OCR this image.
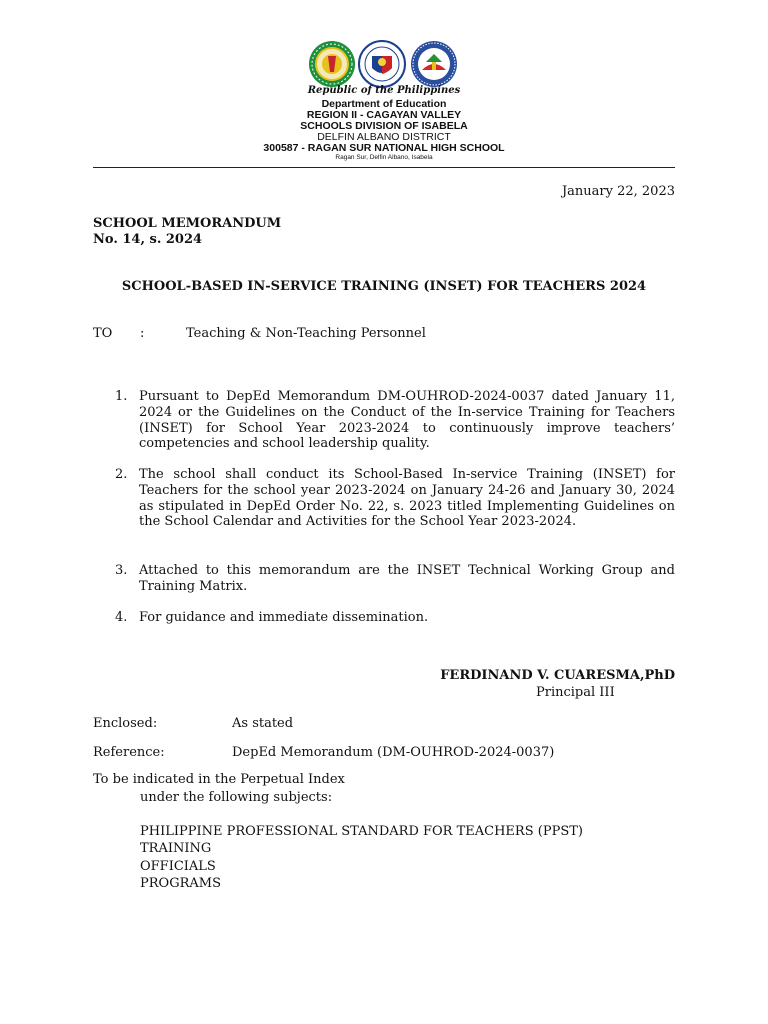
Republic of the Philippines
Department of Education
REGION II - CAGAYAN VALLEY
SCHOOLS DIVISION OF ISABELA
DELFIN ALBANO DISTRICT
300587 - RAGAN SUR NATIONAL HIGH SCHOOL
Ragan Sur, Delfin Albano, Isabela
January 22, 2023
SCHOOL MEMORANDUM
No. 14, s. 2024
SCHOOL-BASED IN-SERVICE TRAINING (INSET) FOR TEACHERS 2024
TO :	Teaching & Non-Teaching Personnel
1. Pursuant to DepEd Memorandum DM-OUHROD-2024-0037 dated January 11, 2024 or the Guidelines on the Conduct of the In-service Training for Teachers (INSET) for School Year 2023-2024 to continuously improve teachers’ competencies and school leadership quality.
2. The school shall conduct its School-Based In-service Training (INSET) for Teachers for the school year 2023-2024 on January 24-26 and January 30, 2024 as stipulated in DepEd Order No. 22, s. 2023 titled Implementing Guidelines on the School Calendar and Activities for the School Year 2023-2024.
3. Attached to this memorandum are the INSET Technical Working Group and Training Matrix.
4. For guidance and immediate dissemination.
FERDINAND V. CUARESMA,PhD
Principal III
Enclosed:	As stated
Reference:	DepEd Memorandum (DM-OUHROD-2024-0037)
To be indicated in the Perpetual Index
under the following subjects:
PHILIPPINE PROFESSIONAL STANDARD FOR TEACHERS (PPST)
TRAINING
OFFICIALS
PROGRAMS
